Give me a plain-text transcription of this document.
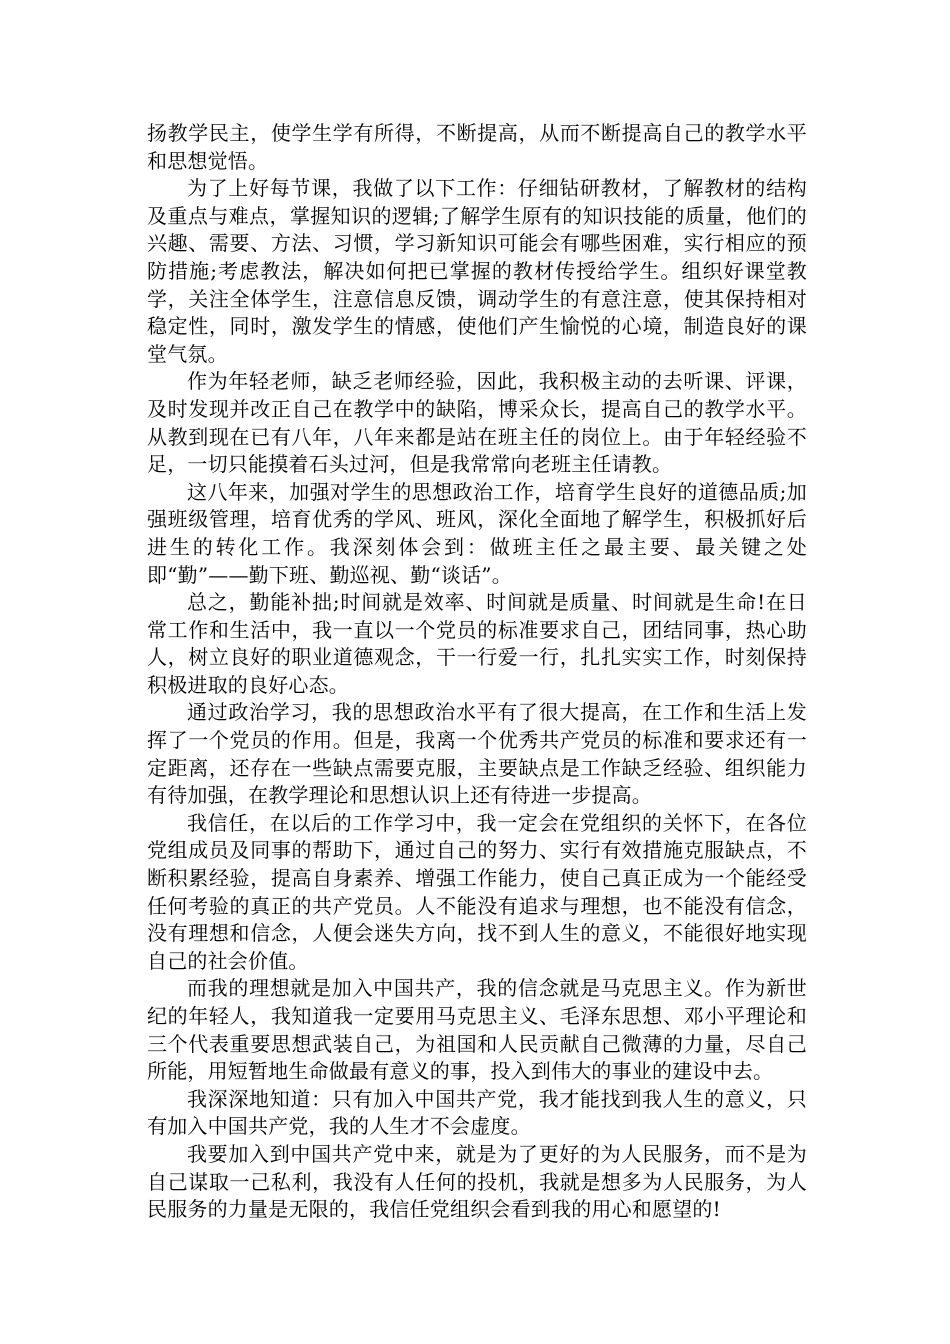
扬教学民主，使学生学有所得，不断提高，从而不断提高自己的教学水平和思想觉悟。

为了上好每节课，我做了以下工作：仔细钻研教材，了解教材的结构及重点与难点，掌握知识的逻辑;了解学生原有的知识技能的质量，他们的兴趣、需要、方法、习惯，学习新知识可能会有哪些困难，实行相应的预防措施;考虑教法，解决如何把已掌握的教材传授给学生。组织好课堂教学，关注全体学生，注意信息反馈，调动学生的有意注意，使其保持相对稳定性，同时，激发学生的情感，使他们产生愉悦的心境，制造良好的课堂气氛。

作为年轻老师，缺乏老师经验，因此，我积极主动的去听课、评课，及时发现并改正自己在教学中的缺陷，博采众长，提高自己的教学水平。从教到现在已有八年，八年来都是站在班主任的岗位上。由于年轻经验不足，一切只能摸着石头过河，但是我常常向老班主任请教。

这八年来，加强对学生的思想政治工作，培育学生良好的道德品质;加强班级管理，培育优秀的学风、班风，深化全面地了解学生，积极抓好后进生的转化工作。我深刻体会到：做班主任之最主要、最关键之处即“勤”——勤下班、勤巡视、勤“谈话”。

总之，勤能补拙;时间就是效率、时间就是质量、时间就是生命!在日常工作和生活中，我一直以一个党员的标准要求自己，团结同事，热心助人，树立良好的职业道德观念，干一行爱一行，扎扎实实工作，时刻保持积极进取的良好心态。

通过政治学习，我的思想政治水平有了很大提高，在工作和生活上发挥了一个党员的作用。但是，我离一个优秀共产党员的标准和要求还有一定距离，还存在一些缺点需要克服，主要缺点是工作缺乏经验、组织能力有待加强，在教学理论和思想认识上还有待进一步提高。

我信任，在以后的工作学习中，我一定会在党组织的关怀下，在各位党组成员及同事的帮助下，通过自己的努力、实行有效措施克服缺点，不断积累经验，提高自身素养、增强工作能力，使自己真正成为一个能经受任何考验的真正的共产党员。人不能没有追求与理想，也不能没有信念，没有理想和信念，人便会迷失方向，找不到人生的意义，不能很好地实现自己的社会价值。

而我的理想就是加入中国共产，我的信念就是马克思主义。作为新世纪的年轻人，我知道我一定要用马克思主义、毛泽东思想、邓小平理论和三个代表重要思想武装自己，为祖国和人民贡献自己微薄的力量，尽自己所能，用短暂地生命做最有意义的事，投入到伟大的事业的建设中去。

我深深地知道：只有加入中国共产党，我才能找到我人生的意义，只有加入中国共产党，我的人生才不会虚度。

我要加入到中国共产党中来，就是为了更好的为人民服务，而不是为自己谋取一己私利，我没有人任何的投机，我就是想多为人民服务，为人民服务的力量是无限的，我信任党组织会看到我的用心和愿望的!
